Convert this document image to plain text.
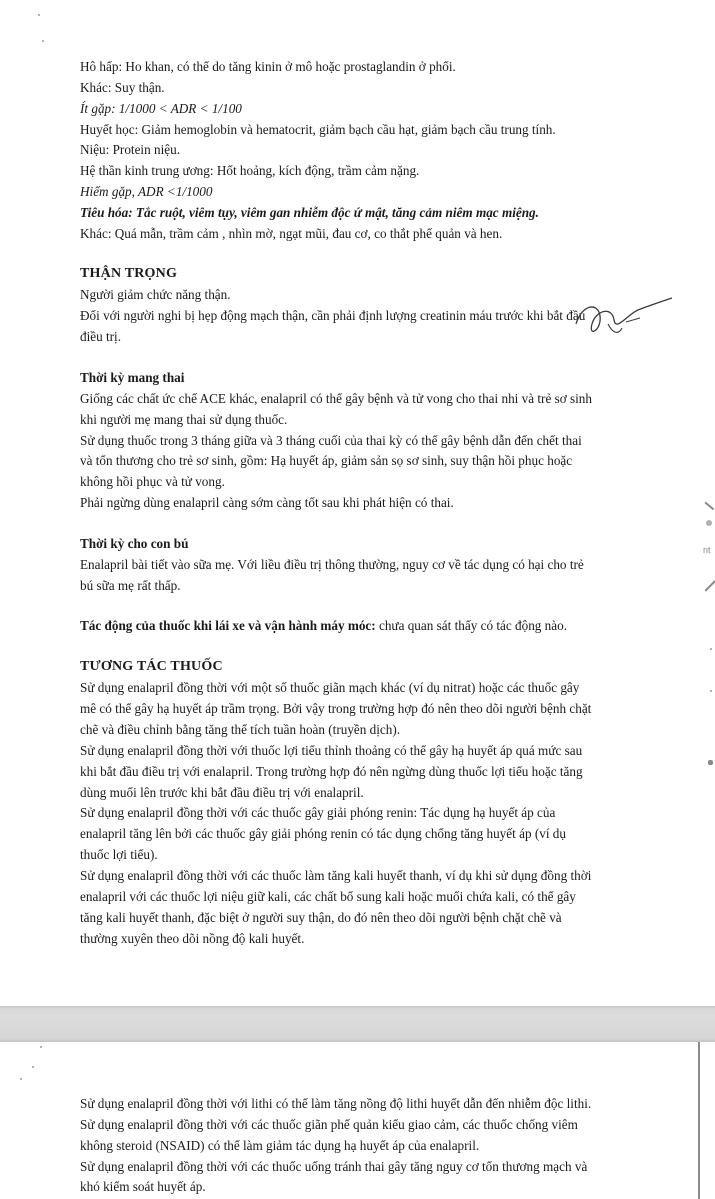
Hô hấp: Ho khan, có thể do tăng kinin ở mô hoặc prostaglandin ở phổi.

Khác: Suy thận.

Ít gặp: 1/1000 < ADR < 1/100

Huyết học: Giảm hemoglobin và hematocrit, giảm bạch cầu hạt, giảm bạch cầu trung tính.

Niệu: Protein niệu.

Hệ thần kinh trung ương: Hốt hoảng, kích động, trầm cảm nặng.

Hiếm gặp, ADR <1/1000

Tiêu hóa: Tắc ruột, viêm tụy, viêm gan nhiễm độc ứ mật, tăng cảm niêm mạc miệng.

Khác: Quá mẫn, trầm cảm , nhìn mờ, ngạt mũi, đau cơ, co thắt phế quản và hen.

THẬN TRỌNG

Người giảm chức năng thận.

Đối với người nghi bị hẹp động mạch thận, cần phải định lượng creatinin máu trước khi bắt đầu

điều trị.

Thời kỳ mang thai

Giống các chất ức chế ACE khác, enalapril có thể gây bệnh và tử vong cho thai nhi và trẻ sơ sinh

khi người mẹ mang thai sử dụng thuốc.

Sử dụng thuốc trong 3 tháng giữa và 3 tháng cuối của thai kỳ có thể gây bệnh dẫn đến chết thai

và tổn thương cho trẻ sơ sinh, gồm: Hạ huyết áp, giảm sản sọ sơ sinh, suy thận hồi phục hoặc

không hồi phục và tử vong.

Phải ngừng dùng enalapril càng sớm càng tốt sau khi phát hiện có thai.

Thời kỳ cho con bú

Enalapril bài tiết vào sữa mẹ. Với liều điều trị thông thường, nguy cơ về tác dụng có hại cho trẻ

bú sữa mẹ rất thấp.

Tác động của thuốc khi lái xe và vận hành máy móc: chưa quan sát thấy có tác động nào.

TƯƠNG TÁC THUỐC

Sử dụng enalapril đồng thời với một số thuốc giãn mạch khác (ví dụ nitrat) hoặc các thuốc gây

mê có thể gây hạ huyết áp trầm trọng. Bởi vậy trong trường hợp đó nên theo dõi người bệnh chặt

chẽ và điều chỉnh bằng tăng thể tích tuần hoàn (truyền dịch).

Sử dụng enalapril đồng thời với thuốc lợi tiểu thỉnh thoảng có thể gây hạ huyết áp quá mức sau

khi bắt đầu điều trị với enalapril. Trong trường hợp đó nên ngừng dùng thuốc lợi tiểu hoặc tăng

dùng muối lên trước khi bắt đầu điều trị với enalapril.

Sử dụng enalapril đồng thời với các thuốc gây giải phóng renin: Tác dụng hạ huyết áp của

enalapril tăng lên bởi các thuốc gây giải phóng renin có tác dụng chống tăng huyết áp (ví dụ

thuốc lợi tiểu).

Sử dụng enalapril đồng thời với các thuốc làm tăng kali huyết thanh, ví dụ khi sử dụng đồng thời

enalapril với các thuốc lợi niệu giữ kali, các chất bổ sung kali hoặc muối chứa kali, có thể gây

tăng kali huyết thanh, đặc biệt ở người suy thận, do đó nên theo dõi người bệnh chặt chẽ và

thường xuyên theo dõi nồng độ kali huyết.

Sử dụng enalapril đồng thời với lithi có thể làm tăng nồng độ lithi huyết dẫn đến nhiễm độc lithi.

Sử dụng enalapril đồng thời với các thuốc giãn phế quản kiểu giao cảm, các thuốc chống viêm

không steroid (NSAID) có thể làm giảm tác dụng hạ huyết áp của enalapril.

Sử dụng enalapril đồng thời với các thuốc uống tránh thai gây tăng nguy cơ tổn thương mạch và

khó kiểm soát huyết áp.

nt
